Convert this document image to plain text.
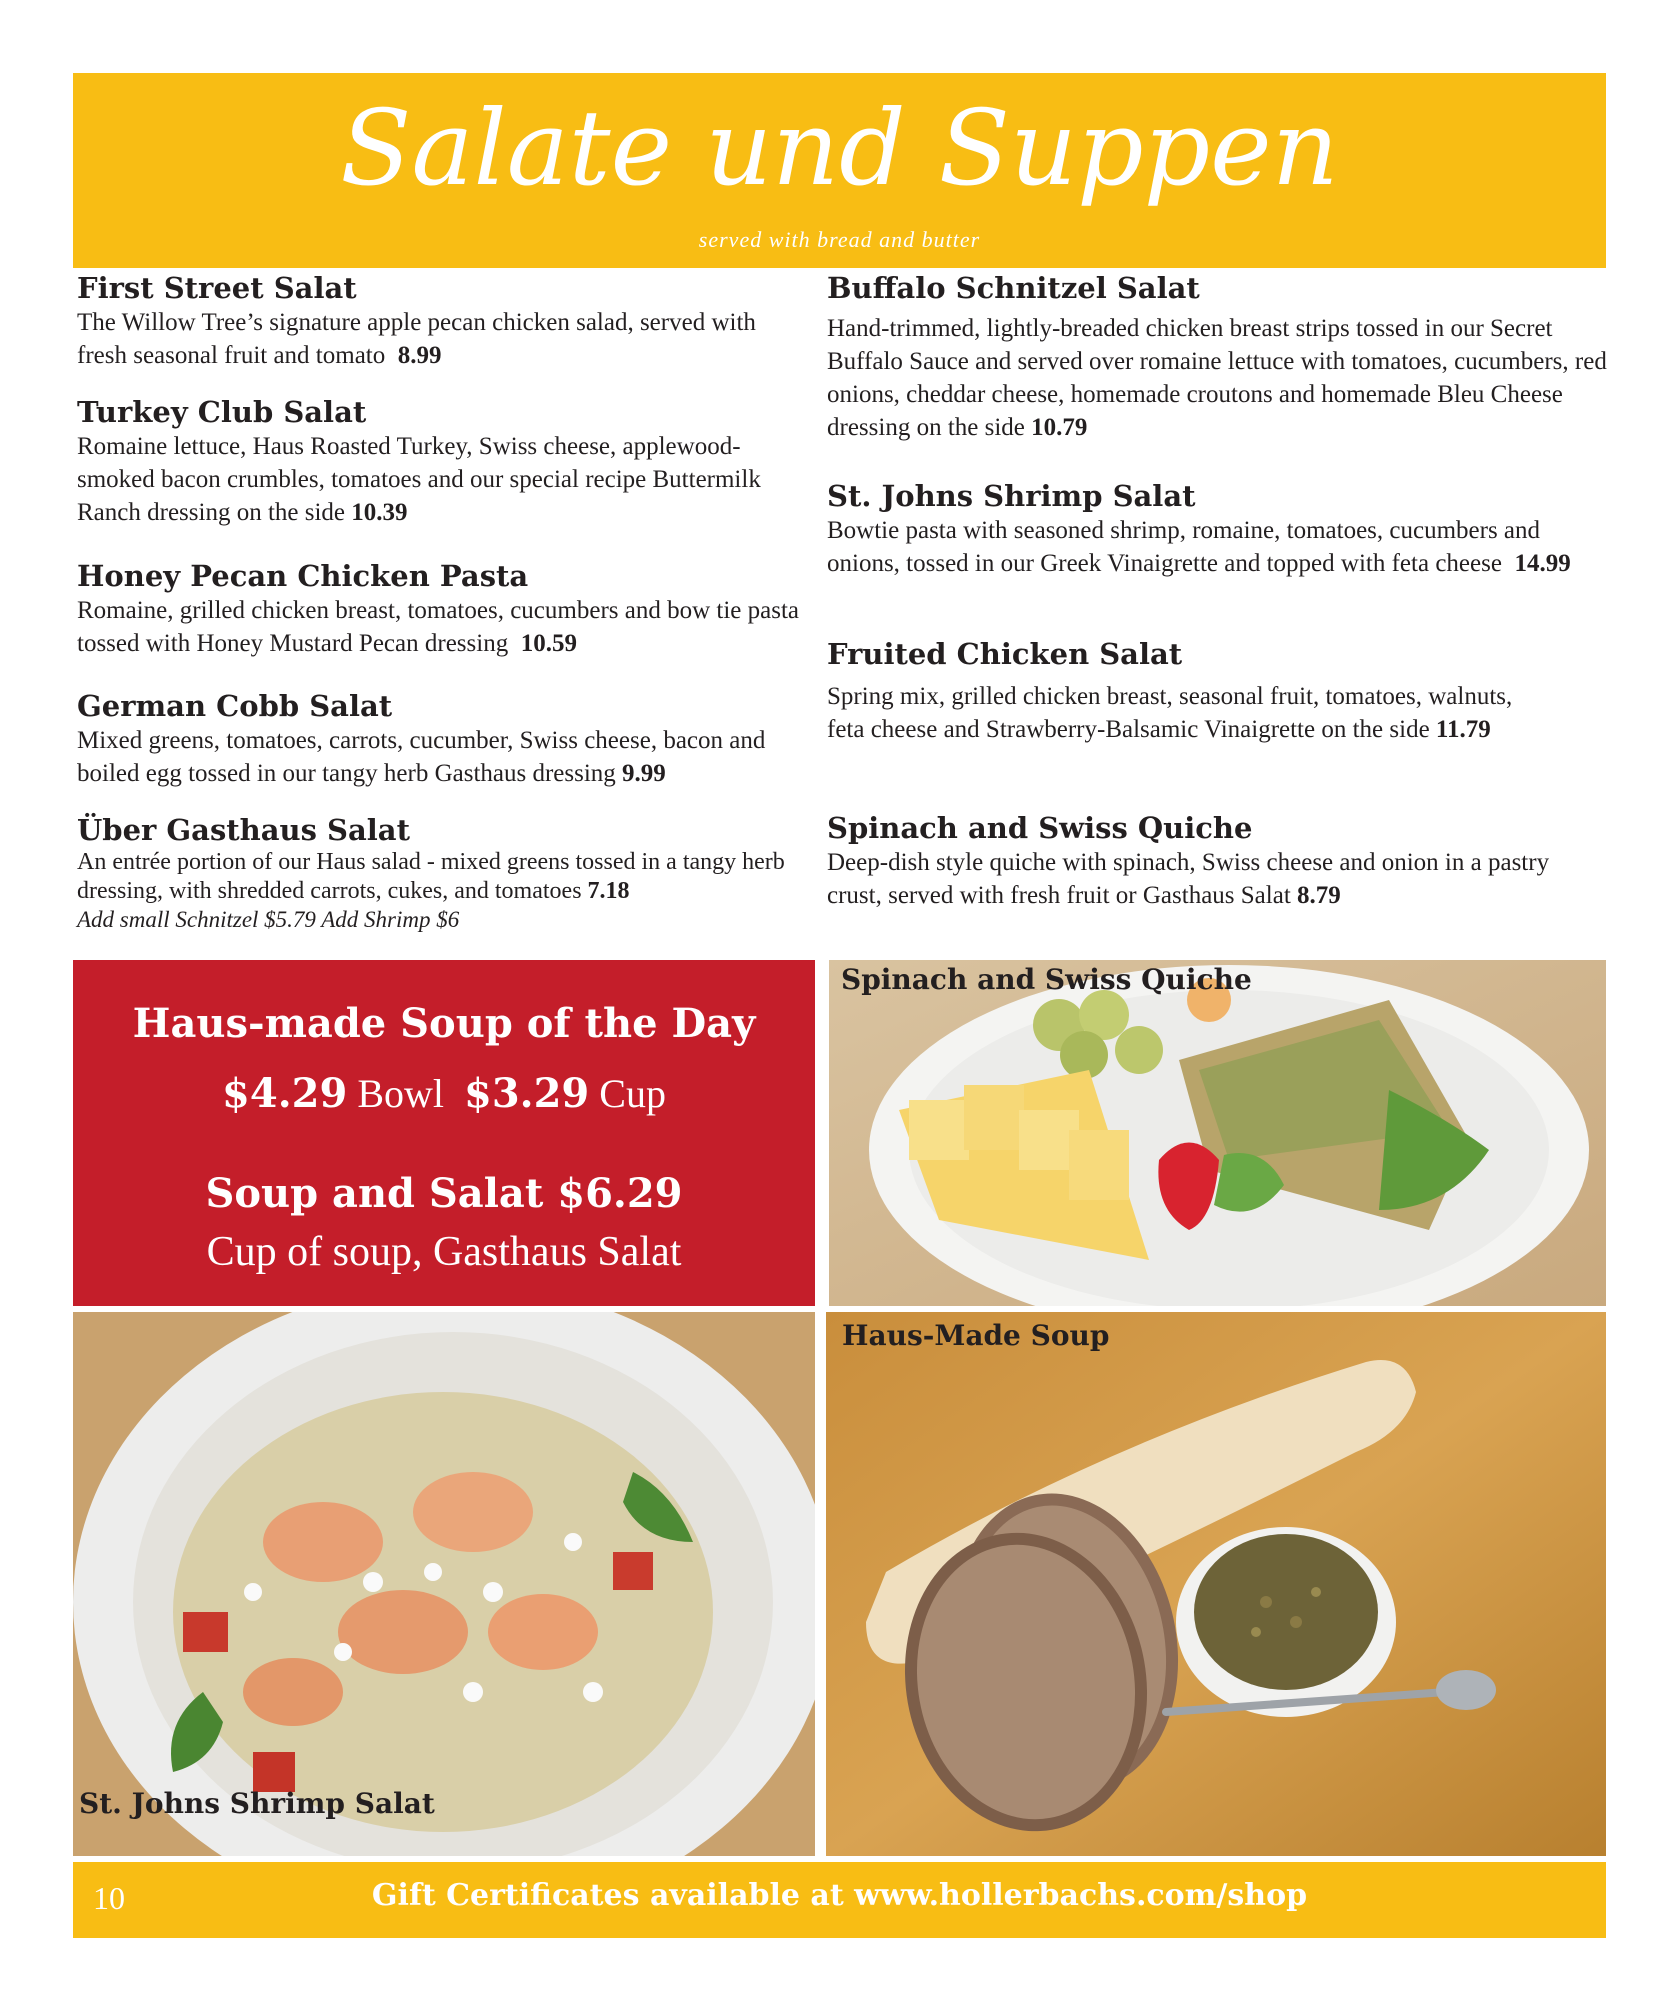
Salate und Suppen
served with bread and butter
First Street Salat
The Willow Tree’s signature apple pecan chicken salad, served with fresh seasonal fruit and tomato 8.99
Turkey Club Salat
Romaine lettuce, Haus Roasted Turkey, Swiss cheese, applewood-smoked bacon crumbles, tomatoes and our special recipe Buttermilk Ranch dressing on the side 10.39
Honey Pecan Chicken Pasta
Romaine, grilled chicken breast, tomatoes, cucumbers and bow tie pasta tossed with Honey Mustard Pecan dressing 10.59
German Cobb Salat
Mixed greens, tomatoes, carrots, cucumber, Swiss cheese, bacon and boiled egg tossed in our tangy herb Gasthaus dressing 9.99
Über Gasthaus Salat
An entrée portion of our Haus salad - mixed greens tossed in a tangy herb dressing, with shredded carrots, cukes, and tomatoes 7.18
Add small Schnitzel $5.79 Add Shrimp $6
Buffalo Schnitzel Salat
Hand-trimmed, lightly-breaded chicken breast strips tossed in our Secret Buffalo Sauce and served over romaine lettuce with tomatoes, cucumbers, red onions, cheddar cheese, homemade croutons and homemade Bleu Cheese dressing on the side 10.79
St. Johns Shrimp Salat
Bowtie pasta with seasoned shrimp, romaine, tomatoes, cucumbers and onions, tossed in our Greek Vinaigrette and topped with feta cheese 14.99
Fruited Chicken Salat
Spring mix, grilled chicken breast, seasonal fruit, tomatoes, walnuts, feta cheese and Strawberry-Balsamic Vinaigrette on the side 11.79
Spinach and Swiss Quiche
Deep-dish style quiche with spinach, Swiss cheese and onion in a pastry crust, served with fresh fruit or Gasthaus Salat 8.79
Haus-made Soup of the Day
$4.29 Bowl $3.29 Cup
Soup and Salat $6.29
Cup of soup, Gasthaus Salat
Spinach and Swiss Quiche
St. Johns Shrimp Salat
Haus-Made Soup
10	Gift Certificates available at www.hollerbachs.com/shop
